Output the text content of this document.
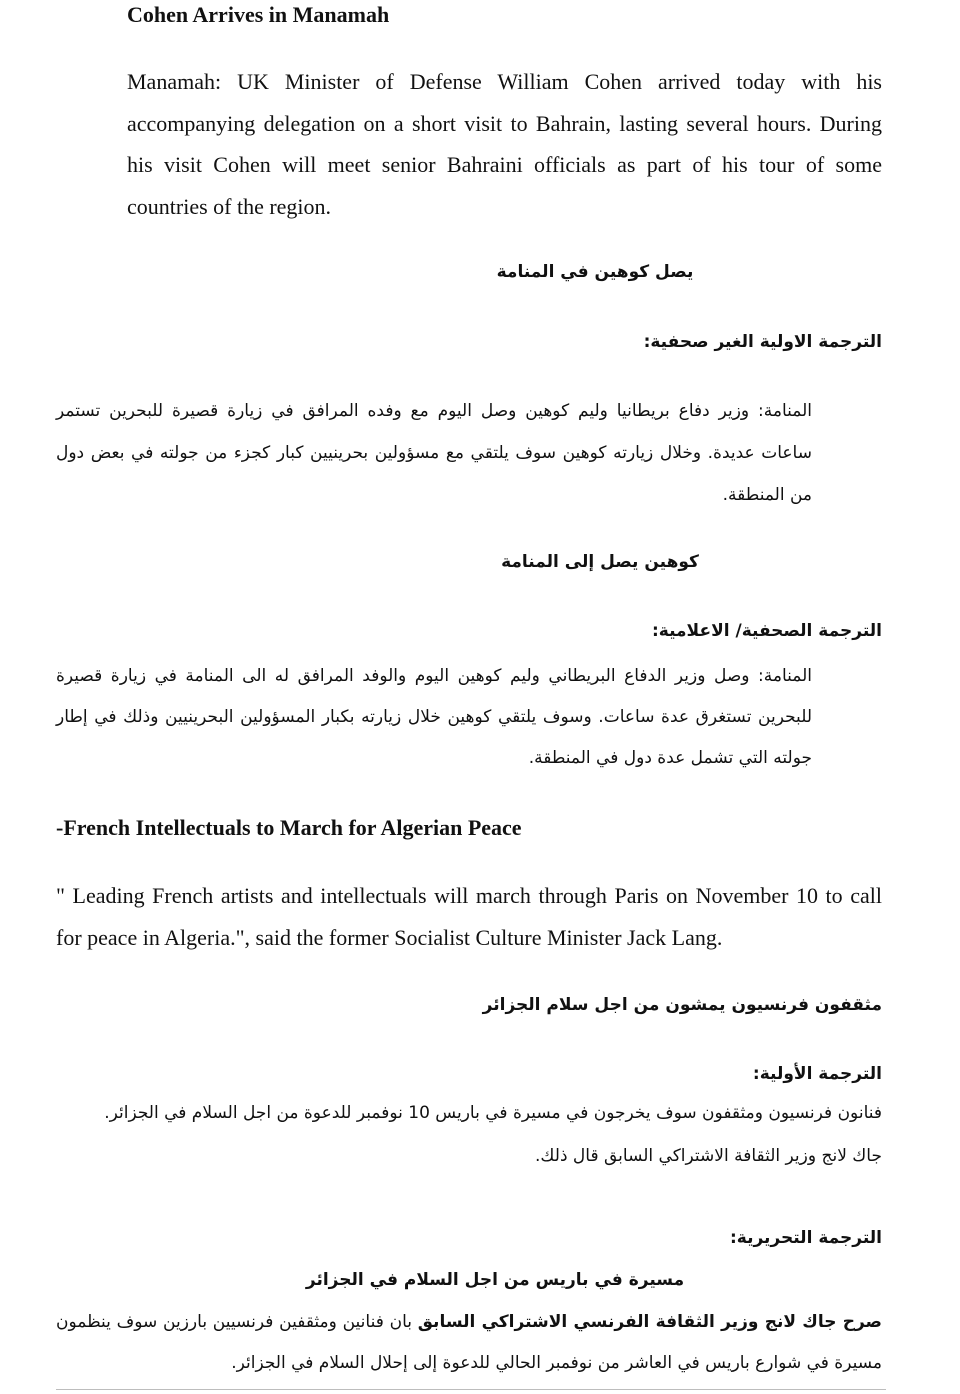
Cohen Arrives in Manamah

Manamah: UK Minister of Defense William Cohen arrived today with his accompanying delegation on a short visit to Bahrain, lasting several hours. During his visit Cohen will meet senior Bahraini officials as part of his tour of some countries of the region.

يصل كوهين في المنامة
الترجمة الاولية الغير صحفية:

المنامة: وزير دفاع بريطانيا وليم كوهين وصل اليوم مع وفده المرافق في زيارة قصيرة للبحرين تستمر ساعات عديدة. وخلال زيارته كوهين سوف يلتقي مع مسؤولين بحرينيين كبار كجزء من جولته في بعض دول من المنطقة.

كوهين يصل إلى المنامة
الترجمة الصحفية/ الاعلامية:

المنامة: وصل وزير الدفاع البريطاني وليم كوهين اليوم والوفد المرافق له الى المنامة في زيارة قصيرة للبحرين تستغرق عدة ساعات. وسوف يلتقي كوهين خلال زيارته بكبار المسؤولين البحرينيين وذلك في إطار جولته التي تشمل عدة دول في المنطقة.

-French Intellectuals to March for Algerian Peace

" Leading French artists and intellectuals will march through Paris on November 10 to call for peace in Algeria.", said the former Socialist Culture Minister Jack Lang.

مثقفون فرنسيون يمشون من اجل سلام الجزائر
الترجمة الأولية:
فنانون فرنسيون ومثقفون سوف يخرجون في مسيرة في باريس 10 نوفمبر للدعوة من اجل السلام في الجزائر.
جاك لانج وزير الثقافة الاشتراكي السابق قال ذلك.
الترجمة التحريرية:
مسيرة في باريس من اجل السلام في الجزائر

صرح جاك لانج وزير الثقافة الفرنسي الاشتراكي السابق بان فنانين ومثقفين فرنسيين بارزين سوف ينظمون مسيرة في شوارع باريس في العاشر من نوفمبر الحالي للدعوة إلى إحلال السلام في الجزائر.
